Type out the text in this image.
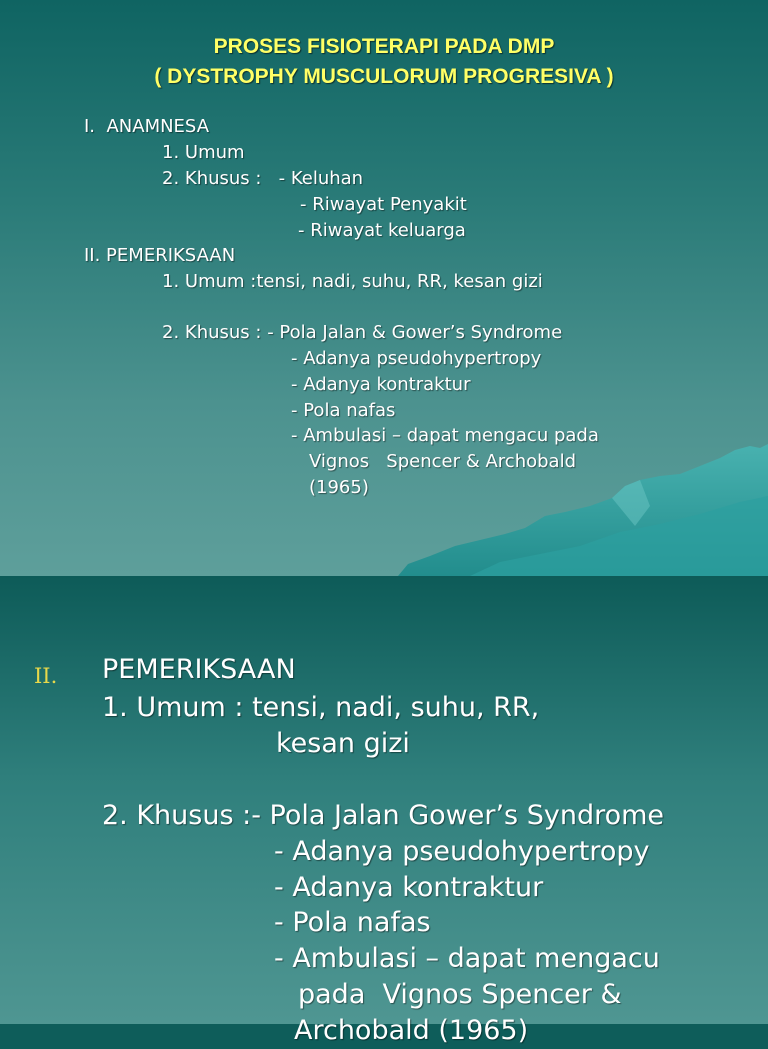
PROSES FISIOTERAPI PADA DMP
( DYSTROPHY MUSCULORUM PROGRESIVA )
I.  ANAMNESA
1. Umum
2. Khusus :   - Keluhan
- Riwayat Penyakit
- Riwayat keluarga
II. PEMERIKSAAN
1. Umum :tensi, nadi, suhu, RR, kesan gizi
2. Khusus : - Pola Jalan & Gower’s Syndrome
- Adanya pseudohypertropy
- Adanya kontraktur
- Pola nafas
- Ambulasi – dapat mengacu pada
Vignos   Spencer & Archobald
(1965)
II. PEMERIKSAAN
1. Umum : tensi, nadi, suhu, RR,
kesan gizi
2. Khusus :- Pola Jalan Gower’s Syndrome
- Adanya pseudohypertropy
- Adanya kontraktur
- Pola nafas
- Ambulasi – dapat mengacu
pada  Vignos Spencer &
Archobald (1965)
